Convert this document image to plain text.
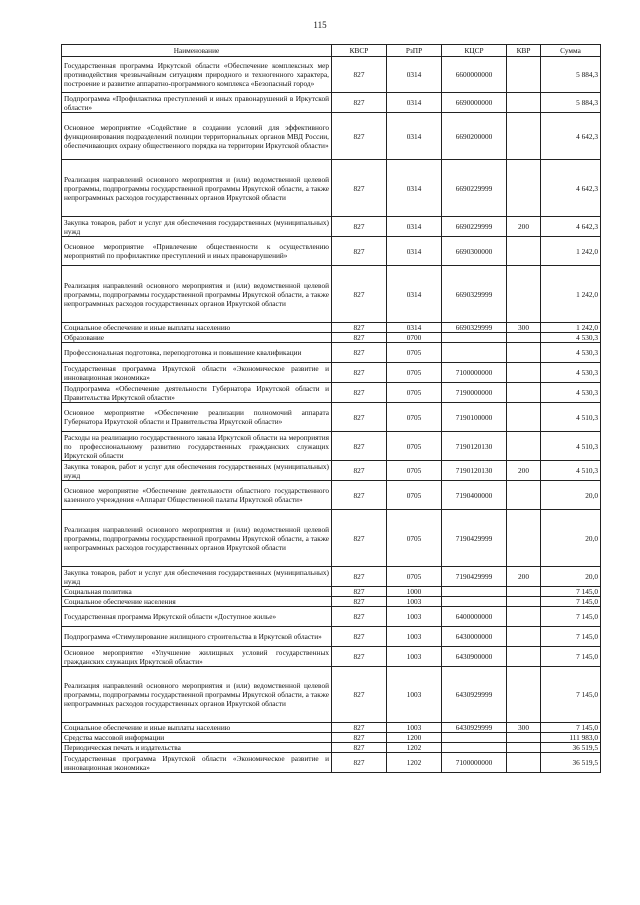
115
Наименование	КВСР	РзПР	КЦСР	КВР	Сумма
Государственная программа Иркутской области «Обеспечение комплексных мер противодействия чрезвычайным ситуациям природного и техногенного характера, построение и развитие аппаратно-программного комплекса «Безопасный город»	827	0314	6600000000		5 884,3
Подпрограмма «Профилактика преступлений и иных правонарушений в Иркутской области»	827	0314	6690000000		5 884,3
Основное мероприятие «Содействие в создании условий для эффективного функционирования подразделений полиции территориальных органов МВД России, обеспечивающих охрану общественного порядка на территории Иркутской области»	827	0314	6690200000		4 642,3
Реализация направлений основного мероприятия и (или) ведомственной целевой программы, подпрограммы государственной программы Иркутской области, а также непрограммных расходов государственных органов Иркутской области	827	0314	6690229999		4 642,3
Закупка товаров, работ и услуг для обеспечения государственных (муниципальных) нужд	827	0314	6690229999	200	4 642,3
Основное мероприятие «Привлечение общественности к осуществлению мероприятий по профилактике преступлений и иных правонарушений»	827	0314	6690300000		1 242,0
Реализация направлений основного мероприятия и (или) ведомственной целевой программы, подпрограммы государственной программы Иркутской области, а также непрограммных расходов государственных органов Иркутской области	827	0314	6690329999		1 242,0
Социальное обеспечение и иные выплаты населению	827	0314	6690329999	300	1 242,0
Образование	827	0700			4 530,3
Профессиональная подготовка, переподготовка и повышение квалификации	827	0705			4 530,3
Государственная программа Иркутской области «Экономическое развитие и инновационная экономика»	827	0705	7100000000		4 530,3
Подпрограмма «Обеспечение деятельности Губернатора Иркутской области и Правительства Иркутской области»	827	0705	7190000000		4 530,3
Основное мероприятие «Обеспечение реализации полномочий аппарата Губернатора Иркутской области и Правительства Иркутской области»	827	0705	7190100000		4 510,3
Расходы на реализацию государственного заказа Иркутской области на мероприятия по профессиональному развитию государственных гражданских служащих Иркутской области	827	0705	7190120130		4 510,3
Закупка товаров, работ и услуг для обеспечения государственных (муниципальных) нужд	827	0705	7190120130	200	4 510,3
Основное мероприятие «Обеспечение деятельности областного государственного казенного учреждения «Аппарат Общественной палаты Иркутской области»	827	0705	7190400000		20,0
Реализация направлений основного мероприятия и (или) ведомственной целевой программы, подпрограммы государственной программы Иркутской области, а также непрограммных расходов государственных органов Иркутской области	827	0705	7190429999		20,0
Закупка товаров, работ и услуг для обеспечения государственных (муниципальных) нужд	827	0705	7190429999	200	20,0
Социальная политика	827	1000			7 145,0
Социальное обеспечение населения	827	1003			7 145,0
Государственная программа Иркутской области «Доступное жилье»	827	1003	6400000000		7 145,0
Подпрограмма «Стимулирование жилищного строительства в Иркутской области»	827	1003	6430000000		7 145,0
Основное мероприятие «Улучшение жилищных условий государственных гражданских служащих Иркутской области»	827	1003	6430900000		7 145,0
Реализация направлений основного мероприятия и (или) ведомственной целевой программы, подпрограммы государственной программы Иркутской области, а также непрограммных расходов государственных органов Иркутской области	827	1003	6430929999		7 145,0
Социальное обеспечение и иные выплаты населению	827	1003	6430929999	300	7 145,0
Средства массовой информации	827	1200			111 983,0
Периодическая печать и издательства	827	1202			36 519,5
Государственная программа Иркутской области «Экономическое развитие и инновационная экономика»	827	1202	7100000000		36 519,5
